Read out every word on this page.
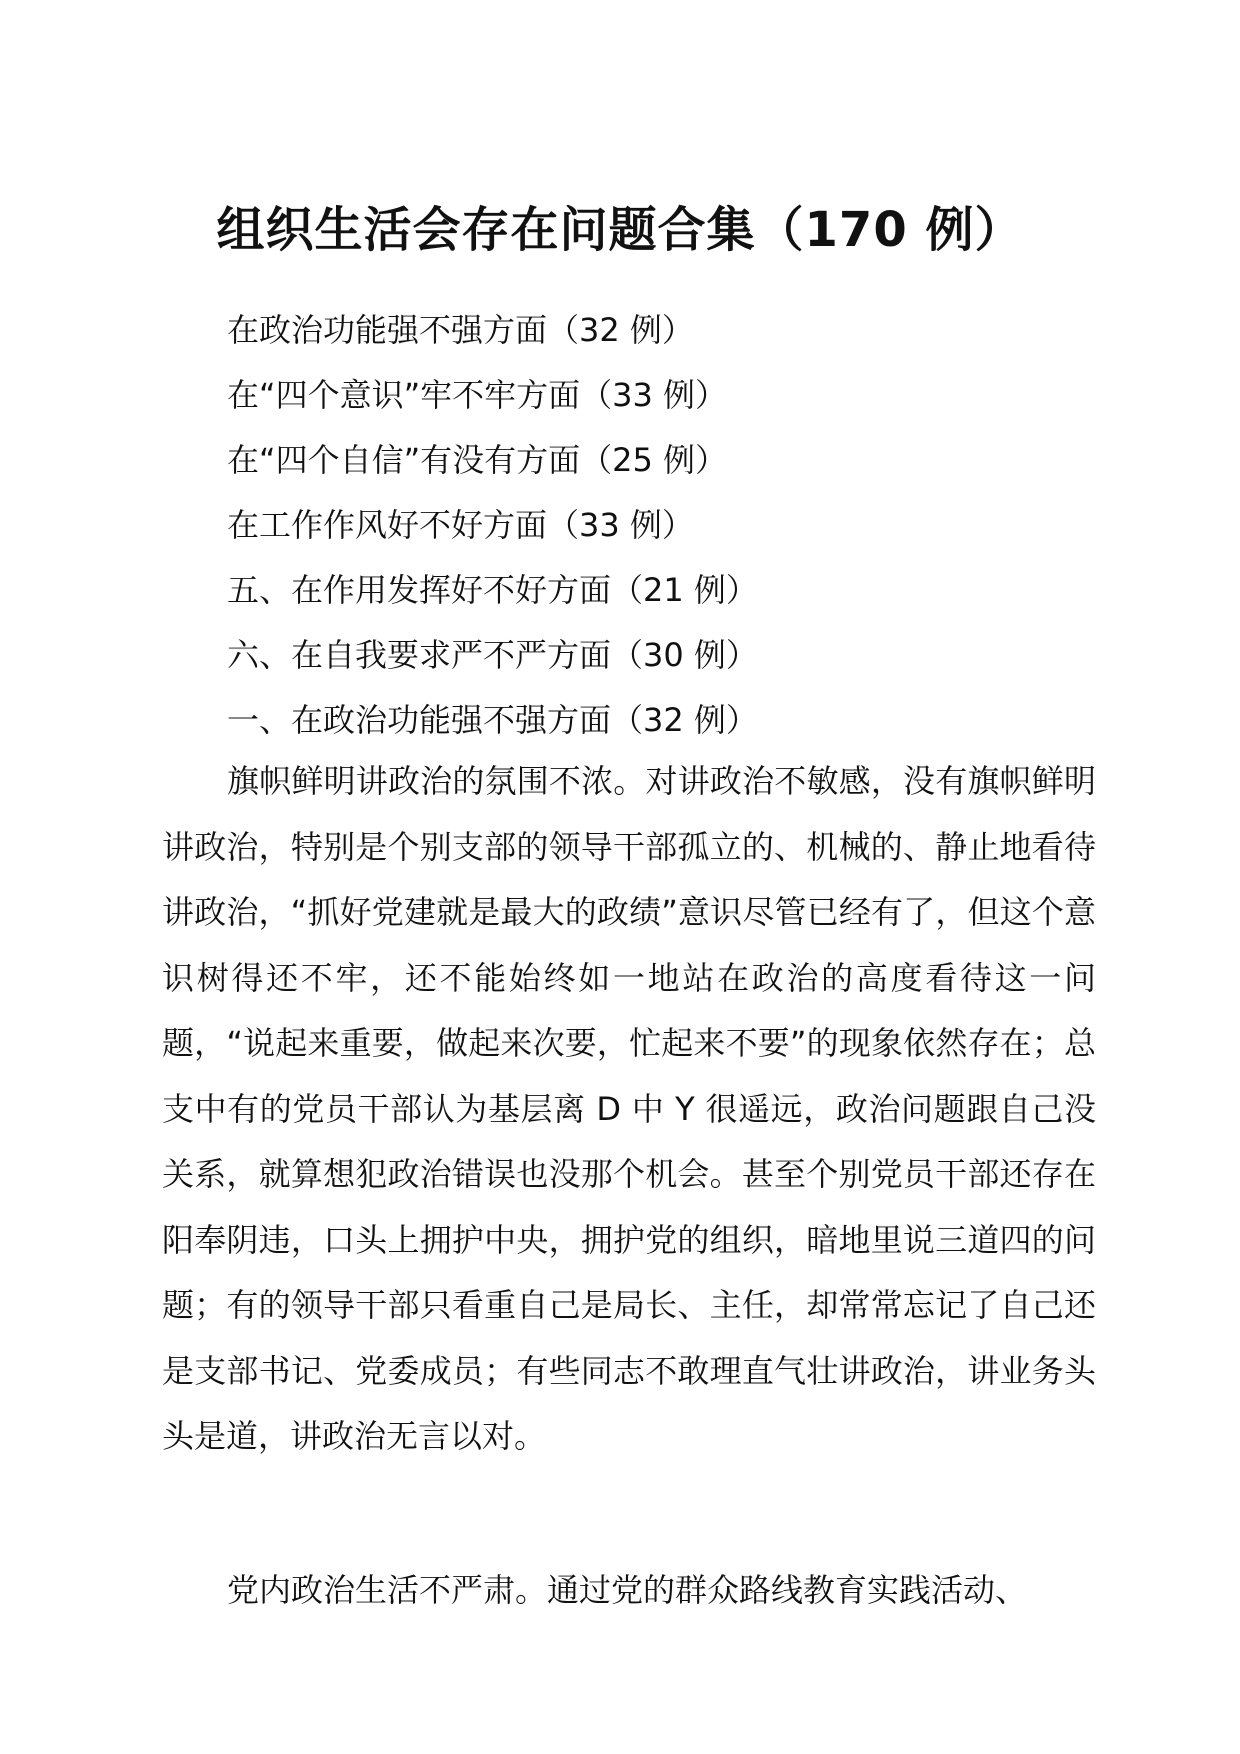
组织生活会存在问题合集（170 例）
在政治功能强不强方面（32 例）
在“四个意识”牢不牢方面（33 例）
在“四个自信”有没有方面（25 例）
在工作作风好不好方面（33 例）
五、在作用发挥好不好方面（21 例）
六、在自我要求严不严方面（30 例）
一、在政治功能强不强方面（32 例）

旗帜鲜明讲政治的氛围不浓。对讲政治不敏感，没有旗帜鲜明讲政治，特别是个别支部的领导干部孤立的、机械的、静止地看待讲政治，“抓好党建就是最大的政绩”意识尽管已经有了，但这个意识树得还不牢，还不能始终如一地站在政治的高度看待这一问题，“说起来重要，做起来次要，忙起来不要”的现象依然存在；总支中有的党员干部认为基层离 D 中 Y 很遥远，政治问题跟自己没关系，就算想犯政治错误也没那个机会。甚至个别党员干部还存在阳奉阴违，口头上拥护中央，拥护党的组织，暗地里说三道四的问题；有的领导干部只看重自己是局长、主任，却常常忘记了自己还是支部书记、党委成员；有些同志不敢理直气壮讲政治，讲业务头头是道，讲政治无言以对。

党内政治生活不严肃。通过党的群众路线教育实践活动、
